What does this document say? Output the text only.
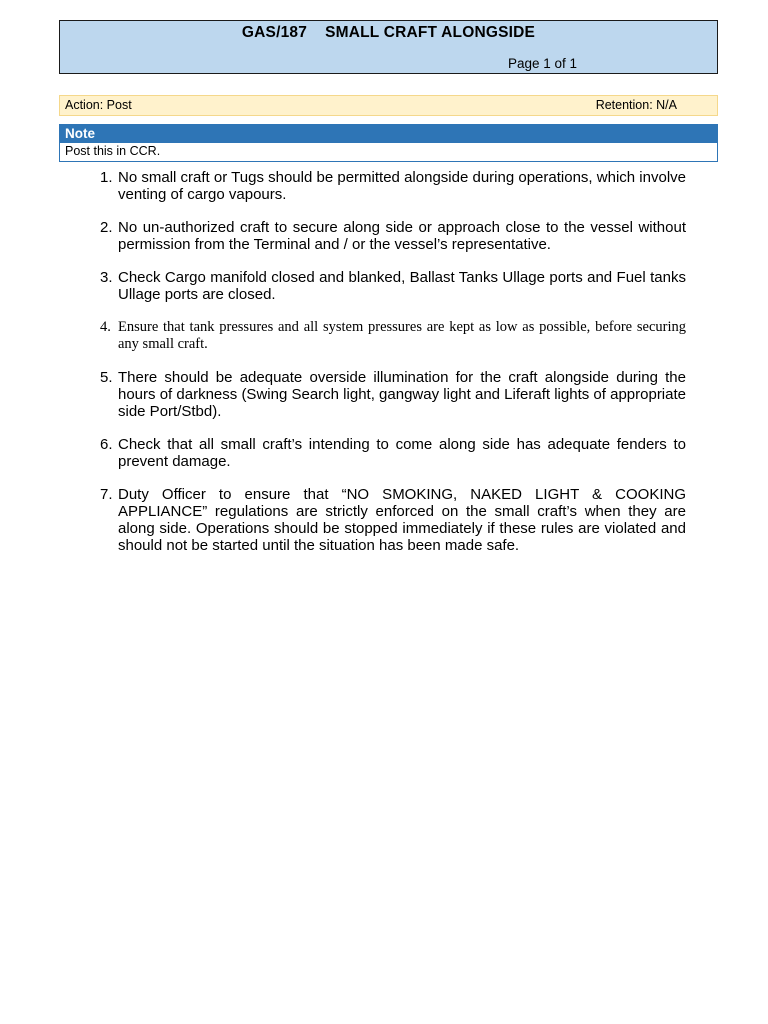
GAS/187    SMALL CRAFT ALONGSIDE
Page 1 of 1
Action: Post	Retention: N/A
Note
Post this in CCR.
1. No small craft or Tugs should be permitted alongside during operations, which involve venting of cargo vapours.
2. No un-authorized craft to secure along side or approach close to the vessel without permission from the Terminal and / or the vessel’s representative.
3. Check Cargo manifold closed and blanked, Ballast Tanks Ullage ports and Fuel tanks Ullage ports are closed.
4. Ensure that tank pressures and all system pressures are kept as low as possible, before securing any small craft.
5. There should be adequate overside illumination for the craft alongside during the hours of darkness (Swing Search light, gangway light and Liferaft lights of appropriate side Port/Stbd).
6. Check that all small craft’s intending to come along side has adequate fenders to prevent damage.
7. Duty Officer to ensure that “NO SMOKING, NAKED LIGHT & COOKING APPLIANCE” regulations are strictly enforced on the small craft’s when they are along side. Operations should be stopped immediately if these rules are violated and should not be started until the situation has been made safe.
